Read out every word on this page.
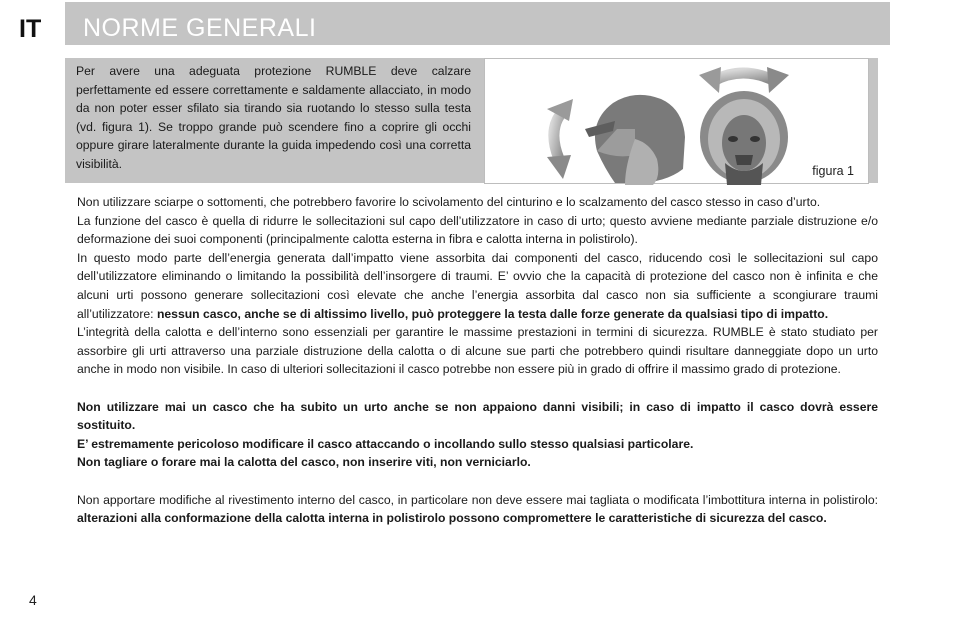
IT NORME GENERALI
Per avere una adeguata protezione RUMBLE deve calzare perfettamente ed essere correttamente e saldamente allacciato, in modo da non poter esser sfilato sia tirando sia ruotando lo stesso sulla testa (vd. figura 1). Se troppo grande può scendere fino a coprire gli occhi oppure girare lateralmente durante la guida impedendo così una corretta visibilità.
figura 1

Non utilizzare sciarpe o sottomenti, che potrebbero favorire lo scivolamento del cinturino e lo scalzamento del casco stesso in caso d’urto.

La funzione del casco è quella di ridurre le sollecitazioni sul capo dell’utilizzatore in caso di urto; questo avviene mediante parziale distruzione e/o deformazione dei suoi componenti (principalmente calotta esterna in fibra e calotta interna in polistirolo).

In questo modo parte dell’energia generata dall’impatto viene assorbita dai componenti del casco, riducendo così le sollecitazioni sul capo dell’utilizzatore eliminando o limitando la possibilità dell’insorgere di traumi. E’ ovvio che la capacità di protezione del casco non è infinita e che alcuni urti possono generare sollecitazioni così elevate che anche l’energia assorbita dal casco non sia sufficiente a scongiurare traumi all’utilizzatore: nessun casco, anche se di altissimo livello, può proteggere la testa dalle forze generate da qualsiasi tipo di impatto.

L’integrità della calotta e dell’interno sono essenziali per garantire le massime prestazioni in termini di sicurezza. RUMBLE è stato studiato per assorbire gli urti attraverso una parziale distruzione della calotta o di alcune sue parti che potrebbero quindi risultare danneggiate dopo un urto anche in modo non visibile. In caso di ulteriori sollecitazioni il casco potrebbe non essere più in grado di offrire il massimo grado di protezione.

Non utilizzare mai un casco che ha subito un urto anche se non appaiono danni visibili; in caso di impatto il casco dovrà essere sostituito.

E’ estremamente pericoloso modificare il casco attaccando o incollando sullo stesso qualsiasi particolare.

Non tagliare o forare mai la calotta del casco, non inserire viti, non verniciarlo.

Non apportare modifiche al rivestimento interno del casco, in particolare non deve essere mai tagliata o modificata l’imbottitura interna in polistirolo: alterazioni alla conformazione della calotta interna in polistirolo possono compromettere le caratteristiche di sicurezza del casco.

4
